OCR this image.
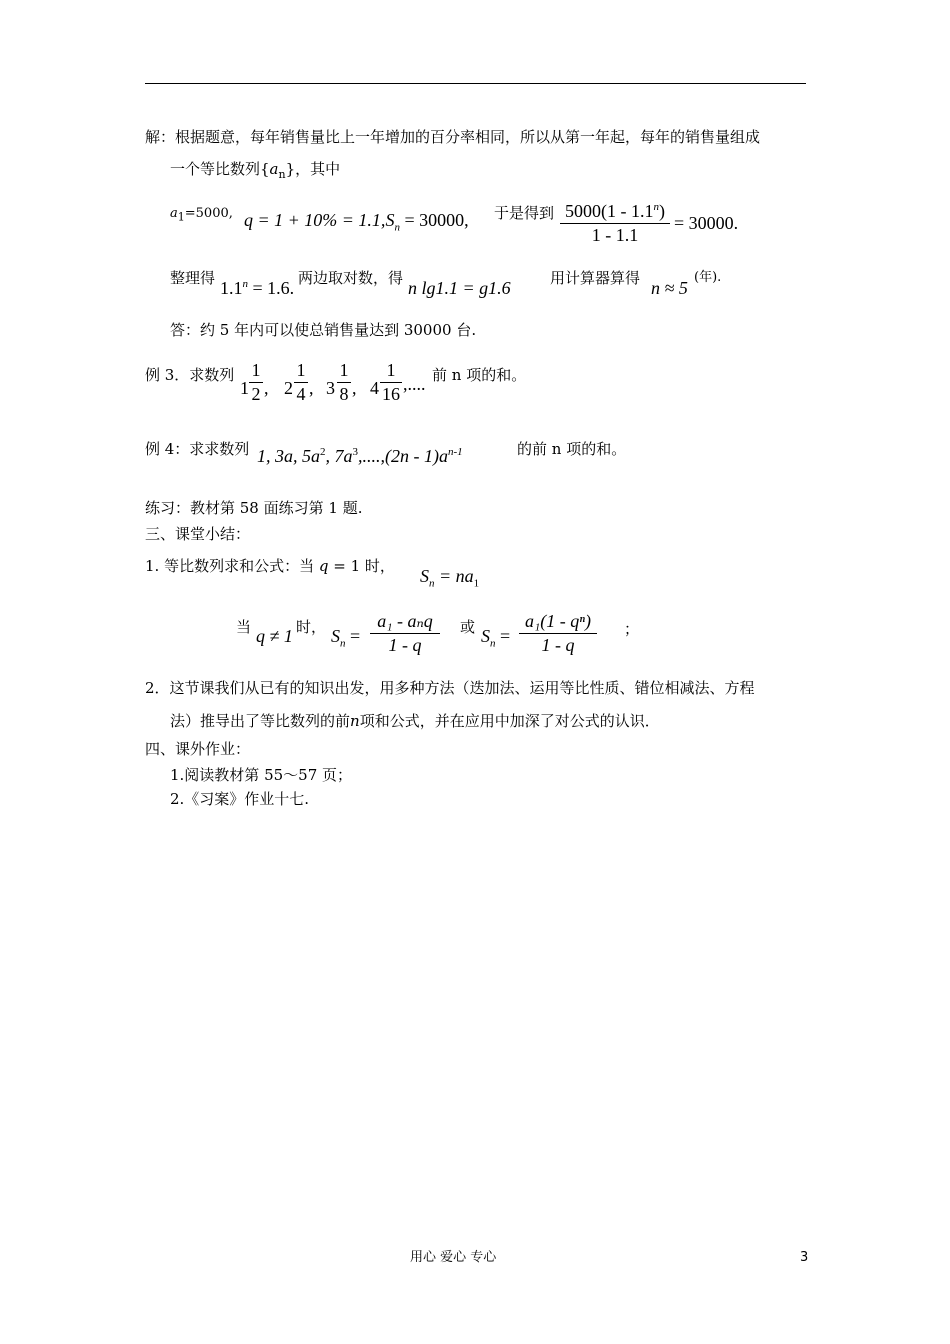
解：根据题意，每年销售量比上一年增加的百分率相同，所以从第一年起，每年的销售量组成
一个等比数列$\{a_n\}$，其中
$a_1=5000$, $q = 1 + 10\% = 1.1,S_n = 30000$, 于是得到 5000(1 - 1.1$^n$)
1 - 1.1
= 30000.
整理得 $1.1^n = 1.6$. 两边取对数，得 n lg1.1 = g1.6	用计算器算得 n ≈ 5
(年).
答：约 5 年内可以使总销售量达到 30000 台.
例 3．求数列
1
1
2 , 2
1
4 , 3
1
8 , 4
1
16 ,.... 前 n 项的和。
例 4：求求数列 1, 3a, $5a^2$, $7a^3,....,(2n - 1)a^{n-1}$	的前 n 项的和。
练习：教材第 58 面练习第 1 题.
三、课堂小结：
1. 等比数列求和公式：当 q = 1 时， $S_n = na_1$
当 q ≠ 1 时， $S_n$ =
a₁ - aₙq
1 - q
或 $S_n$ =
a₁(1 - qⁿ)
1 - q
；
2．这节课我们从已有的知识出发，用多种方法（迭加法、运用等比性质、错位相减法、方程
法）推导出了等比数列的前n项和公式，并在应用中加深了对公式的认识．
四、课外作业：
1.阅读教材第 55～57 页；
2.《习案》作业十七.
用心 爱心 专心	3
